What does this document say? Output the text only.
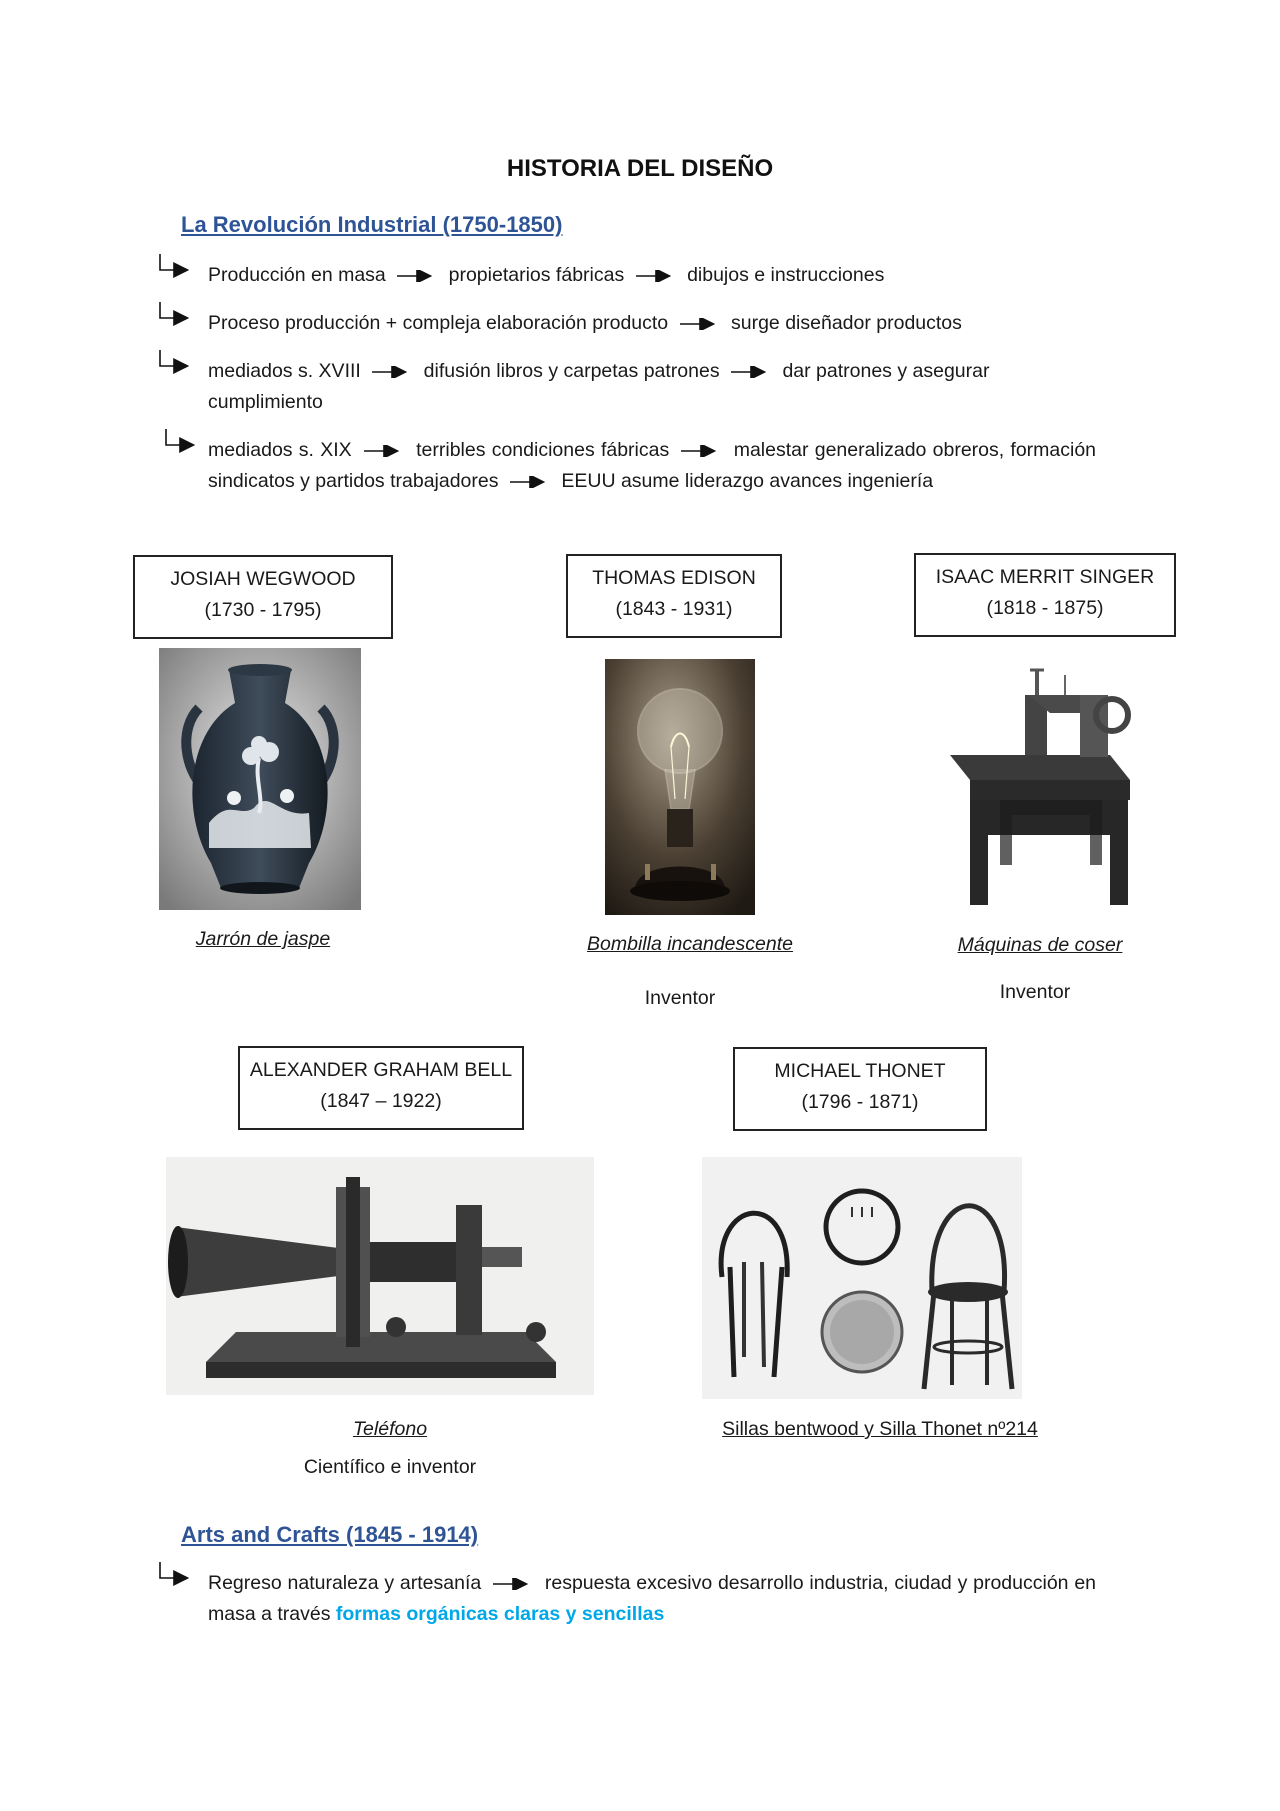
HISTORIA DEL DISEÑO
La Revolución Industrial (1750-1850)

Producción en masa	propietarios fábricas	dibujos e instrucciones

Proceso producción + compleja elaboración producto	surge diseñador productos

mediados s. XVIII	difusión libros y carpetas patrones	dar patrones y asegurar cumplimiento

mediados s. XIX	terribles condiciones fábricas	malestar generalizado obreros, formación sindicatos y partidos trabajadores	EEUU asume liderazgo avances ingeniería

JOSIAH WEGWOOD
(1730 - 1795)
THOMAS EDISON
(1843 - 1931)
ISAAC MERRIT SINGER
(1818 - 1875)
Jarrón de jaspe	Bombilla incandescente	Máquinas de coser
Inventor	Inventor
ALEXANDER GRAHAM BELL
(1847 – 1922)
MICHAEL THONET
(1796 - 1871)
Teléfono
Científico e inventor
Sillas bentwood y Silla Thonet nº214
Arts and Crafts (1845 - 1914)

Regreso naturaleza y artesanía	respuesta excesivo desarrollo industria, ciudad y producción en masa a través formas orgánicas claras y sencillas
